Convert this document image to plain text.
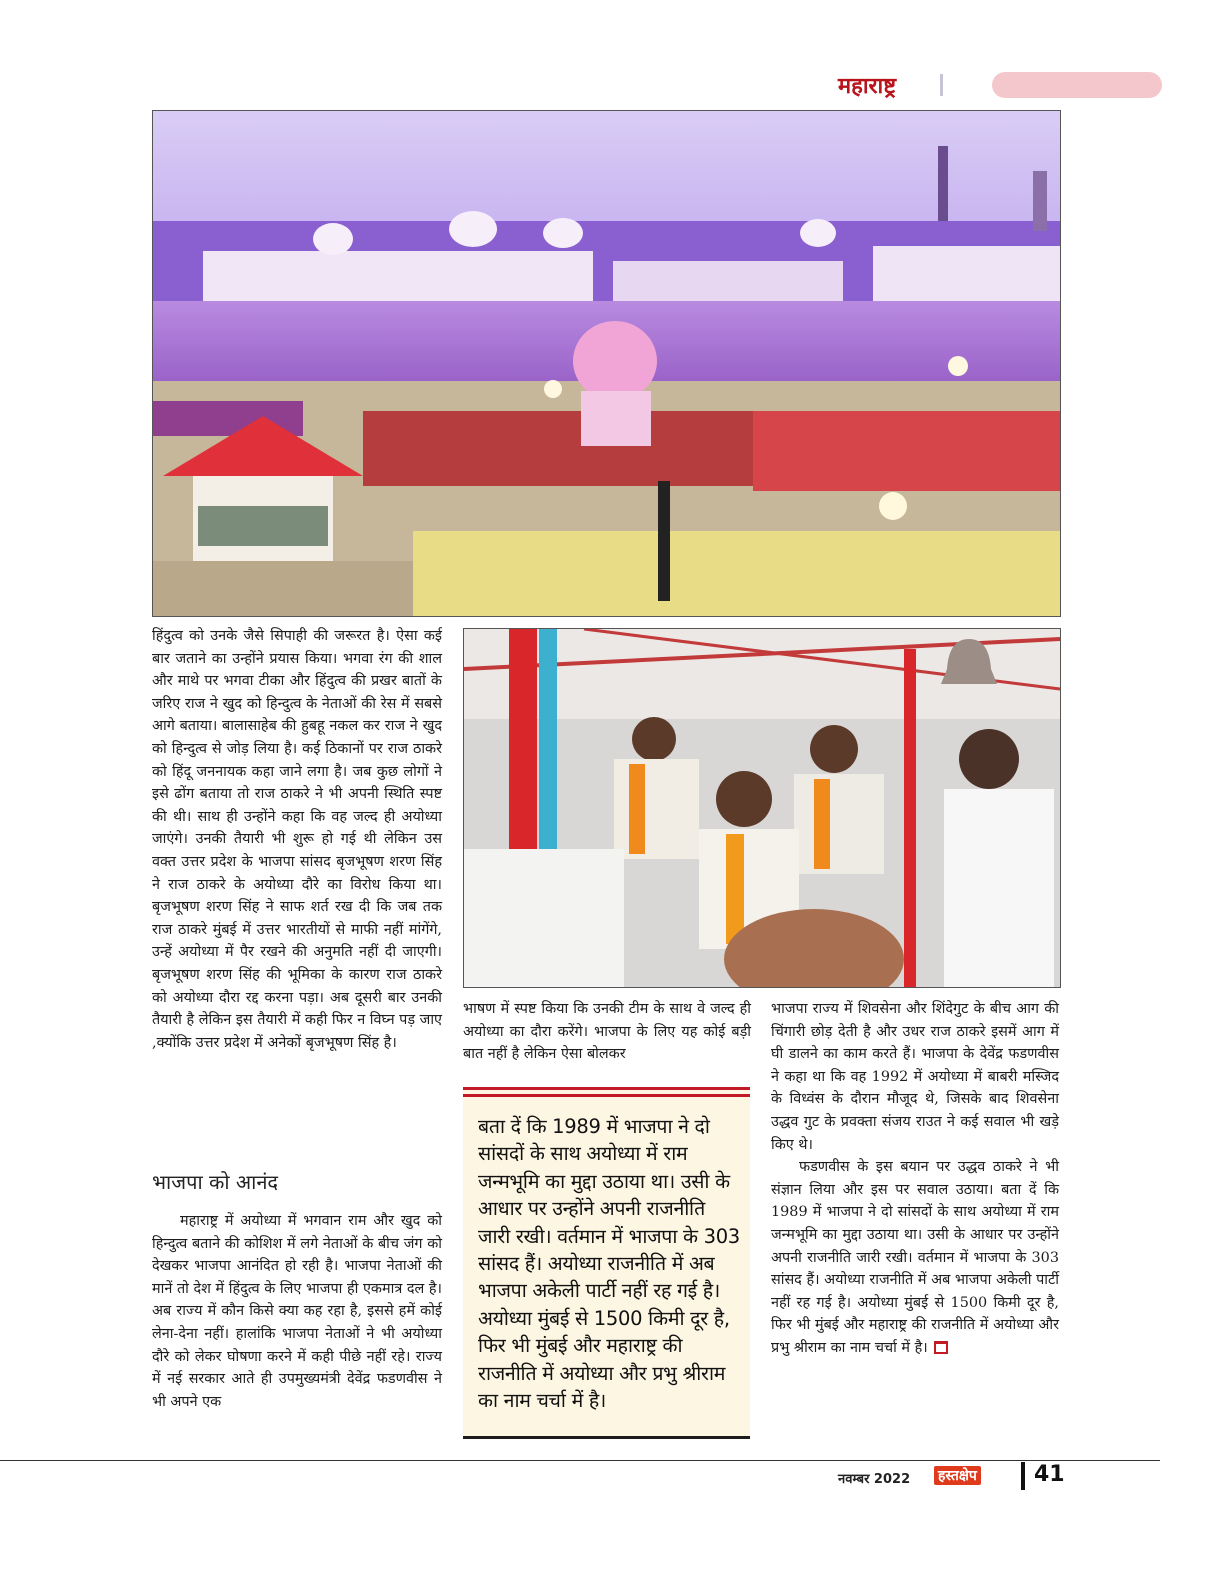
महाराष्ट्र

हिंदुत्व को उनके जैसे सिपाही की जरूरत है। ऐसा कई बार जताने का उन्होंने प्रयास किया। भगवा रंग की शाल और माथे पर भगवा टीका और हिंदुत्व की प्रखर बातों के जरिए राज ने खुद को हिन्दुत्व के नेताओं की रेस में सबसे आगे बताया। बालासाहेब की हुबहू नकल कर राज ने खुद को हिन्दुत्व से जोड़ लिया है। कई ठिकानों पर राज ठाकरे को हिंदू जननायक कहा जाने लगा है। जब कुछ लोगों ने इसे ढोंग बताया तो राज ठाकरे ने भी अपनी स्थिति स्पष्ट की थी। साथ ही उन्होंने कहा कि वह जल्द ही अयोध्या जाएंगे। उनकी तैयारी भी शुरू हो गई थी लेकिन उस वक्त उत्तर प्रदेश के भाजपा सांसद बृजभूषण शरण सिंह ने राज ठाकरे के अयोध्या दौरे का विरोध किया था। बृजभूषण शरण सिंह ने साफ शर्त रख दी कि जब तक राज ठाकरे मुंबई में उत्तर भारतीयों से माफी नहीं मांगेंगे, उन्हें अयोध्या में पैर रखने की अनुमति नहीं दी जाएगी। बृजभूषण शरण सिंह की भूमिका के कारण राज ठाकरे को अयोध्या दौरा रद्द करना पड़ा। अब दूसरी बार उनकी तैयारी है लेकिन इस तैयारी में कही फिर न विघ्न पड़ जाए ,क्योंकि उत्तर प्रदेश में अनेकों बृजभूषण सिंह है।

भाजपा को आनंद

महाराष्ट्र में अयोध्या में भगवान राम और खुद को हिन्दुत्व बताने की कोशिश में लगे नेताओं के बीच जंग को देखकर भाजपा आनंदित हो रही है। भाजपा नेताओं की मानें तो देश में हिंदुत्व के लिए भाजपा ही एकमात्र दल है। अब राज्य में कौन किसे क्या कह रहा है, इससे हमें कोई लेना-देना नहीं। हालांकि भाजपा नेताओं ने भी अयोध्या दौरे को लेकर घोषणा करने में कही पीछे नहीं रहे। राज्य में नई सरकार आते ही उपमुख्यमंत्री देवेंद्र फडणवीस ने भी अपने एक

भाषण में स्पष्ट किया कि उनकी टीम के साथ वे जल्द ही अयोध्या का दौरा करेंगे। भाजपा के लिए यह कोई बड़ी बात नहीं है लेकिन ऐसा बोलकर

बता दें कि 1989 में भाजपा ने दो सांसदों के साथ अयोध्या में राम जन्मभूमि का मुद्दा उठाया था। उसी के आधार पर उन्होंने अपनी राजनीति जारी रखी। वर्तमान में भाजपा के 303 सांसद हैं। अयोध्या राजनीति में अब भाजपा अकेली पार्टी नहीं रह गई है। अयोध्या मुंबई से 1500 किमी दूर है, फिर भी मुंबई और महाराष्ट्र की राजनीति में अयोध्या और प्रभु श्रीराम का नाम चर्चा में है।

भाजपा राज्य में शिवसेना और शिंदेगुट के बीच आग की चिंगारी छोड़ देती है और उधर राज ठाकरे इसमें आग में घी डालने का काम करते हैं। भाजपा के देवेंद्र फडणवीस ने कहा था कि वह 1992 में अयोध्या में बाबरी मस्जिद के विध्वंस के दौरान मौजूद थे, जिसके बाद शिवसेना उद्धव गुट के प्रवक्ता संजय राउत ने कई सवाल भी खड़े किए थे।

फडणवीस के इस बयान पर उद्धव ठाकरे ने भी संज्ञान लिया और इस पर सवाल उठाया। बता दें कि 1989 में भाजपा ने दो सांसदों के साथ अयोध्या में राम जन्मभूमि का मुद्दा उठाया था। उसी के आधार पर उन्होंने अपनी राजनीति जारी रखी। वर्तमान में भाजपा के 303 सांसद हैं। अयोध्या राजनीति में अब भाजपा अकेली पार्टी नहीं रह गई है। अयोध्या मुंबई से 1500 किमी दूर है, फिर भी मुंबई और महाराष्ट्र की राजनीति में अयोध्या और प्रभु श्रीराम का नाम चर्चा में है।

नवम्बर 2022 हस्तक्षेप	41
